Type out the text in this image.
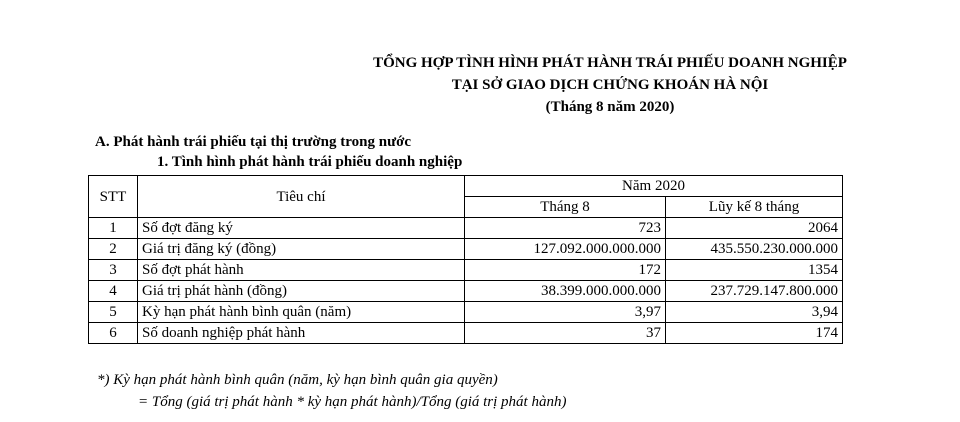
TỔNG HỢP TÌNH HÌNH PHÁT HÀNH TRÁI PHIẾU DOANH NGHIỆP
TẠI SỞ GIAO DỊCH CHỨNG KHOÁN HÀ NỘI
(Tháng 8 năm 2020)
A. Phát hành trái phiếu tại thị trường trong nước
1. Tình hình phát hành trái phiếu doanh nghiệp
STT	Tiêu chí	Năm 2020	
		Tháng 8	Lũy kế 8 tháng
1	Số đợt đăng ký	723	2064
2	Giá trị đăng ký (đồng)	127.092.000.000.000	435.550.230.000.000
3	Số đợt phát hành	172	1354
4	Giá trị phát hành (đồng)	38.399.000.000.000	237.729.147.800.000
5	Kỳ hạn phát hành bình quân (năm)	3,97	3,94
6	Số doanh nghiệp phát hành	37	174
*) Kỳ hạn phát hành bình quân (năm, kỳ hạn bình quân gia quyền)
= Tổng (giá trị phát hành * kỳ hạn phát hành)/Tổng (giá trị phát hành)
